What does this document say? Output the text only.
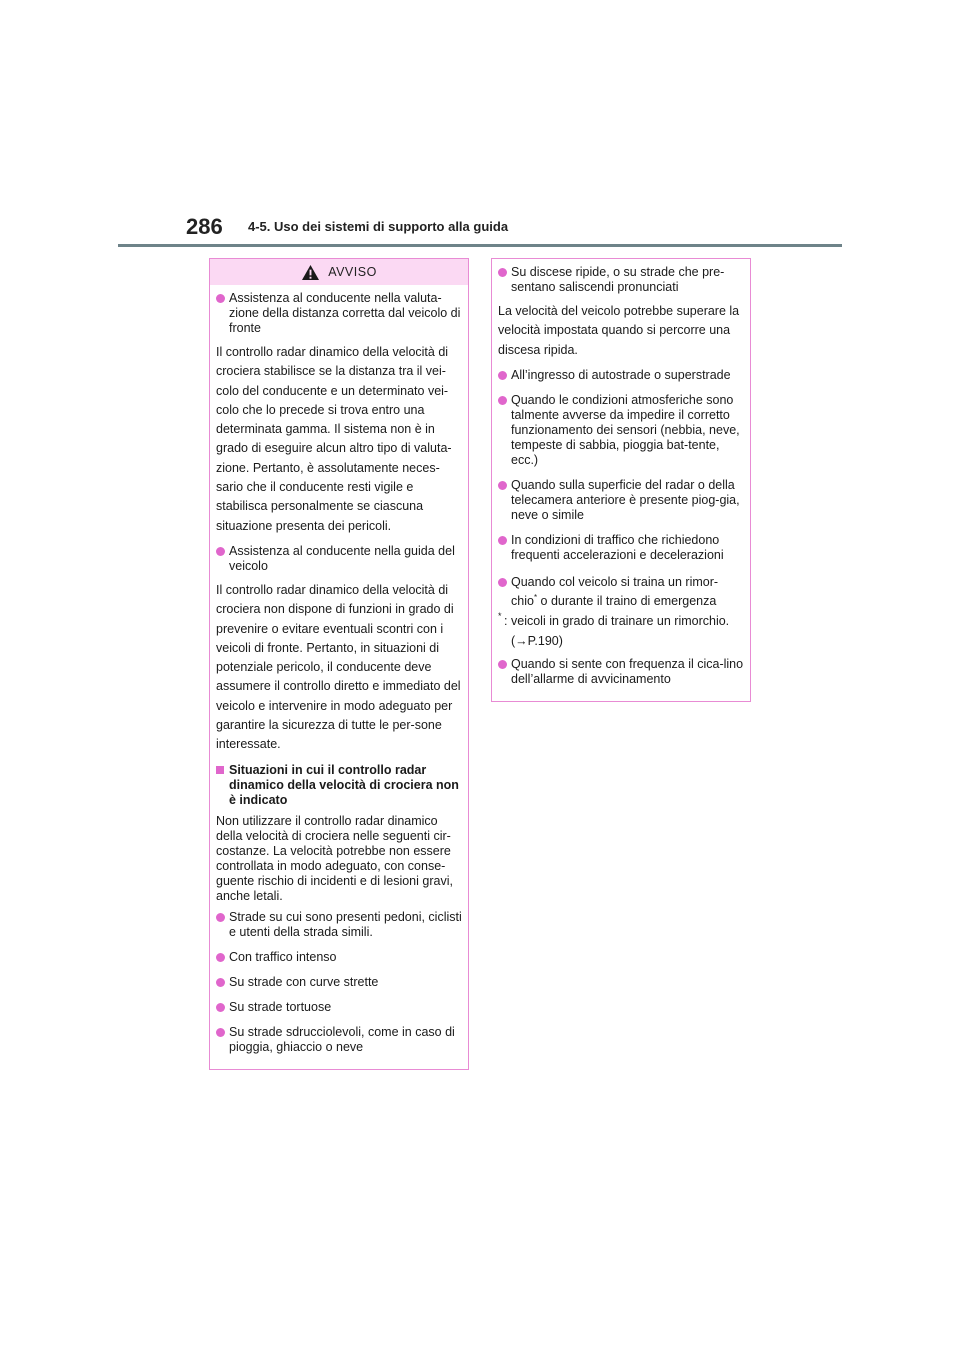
286 4-5. Uso dei sistemi di supporto alla guida
AVVISO
Assistenza al conducente nella valuta-zione della distanza corretta dal veicolo di fronte
Il controllo radar dinamico della velocità di crociera stabilisce se la distanza tra il vei-colo del conducente e un determinato vei-colo che lo precede si trova entro una determinata gamma. Il sistema non è in grado di eseguire alcun altro tipo di valuta-zione. Pertanto, è assolutamente neces-sario che il conducente resti vigile e stabilisca personalmente se ciascuna situazione presenta dei pericoli.
Assistenza al conducente nella guida del veicolo
Il controllo radar dinamico della velocità di crociera non dispone di funzioni in grado di prevenire o evitare eventuali scontri con i veicoli di fronte. Pertanto, in situazioni di potenziale pericolo, il conducente deve assumere il controllo diretto e immediato del veicolo e intervenire in modo adeguato per garantire la sicurezza di tutte le per-sone interessate.
Situazioni in cui il controllo radar dinamico della velocità di crociera non è indicato
Non utilizzare il controllo radar dinamico della velocità di crociera nelle seguenti cir-costanze. La velocità potrebbe non essere controllata in modo adeguato, con conse-guente rischio di incidenti e di lesioni gravi, anche letali.
Strade su cui sono presenti pedoni, ciclisti e utenti della strada simili.
Con traffico intenso
Su strade con curve strette
Su strade tortuose
Su strade sdrucciolevoli, come in caso di pioggia, ghiaccio o neve
Su discese ripide, o su strade che pre-sentano saliscendi pronunciati
La velocità del veicolo potrebbe superare la velocità impostata quando si percorre una discesa ripida.
All’ingresso di autostrade o superstrade
Quando le condizioni atmosferiche sono talmente avverse da impedire il corretto funzionamento dei sensori (nebbia, neve, tempeste di sabbia, pioggia bat-tente, ecc.)
Quando sulla superficie del radar o della telecamera anteriore è presente piog-gia, neve o simile
In condizioni di traffico che richiedono frequenti accelerazioni e decelerazioni
Quando col veicolo si traina un rimor-chio* o durante il traino di emergenza
* : veicoli in grado di trainare un rimorchio.
(→P.190)
Quando si sente con frequenza il cica-lino dell’allarme di avvicinamento
